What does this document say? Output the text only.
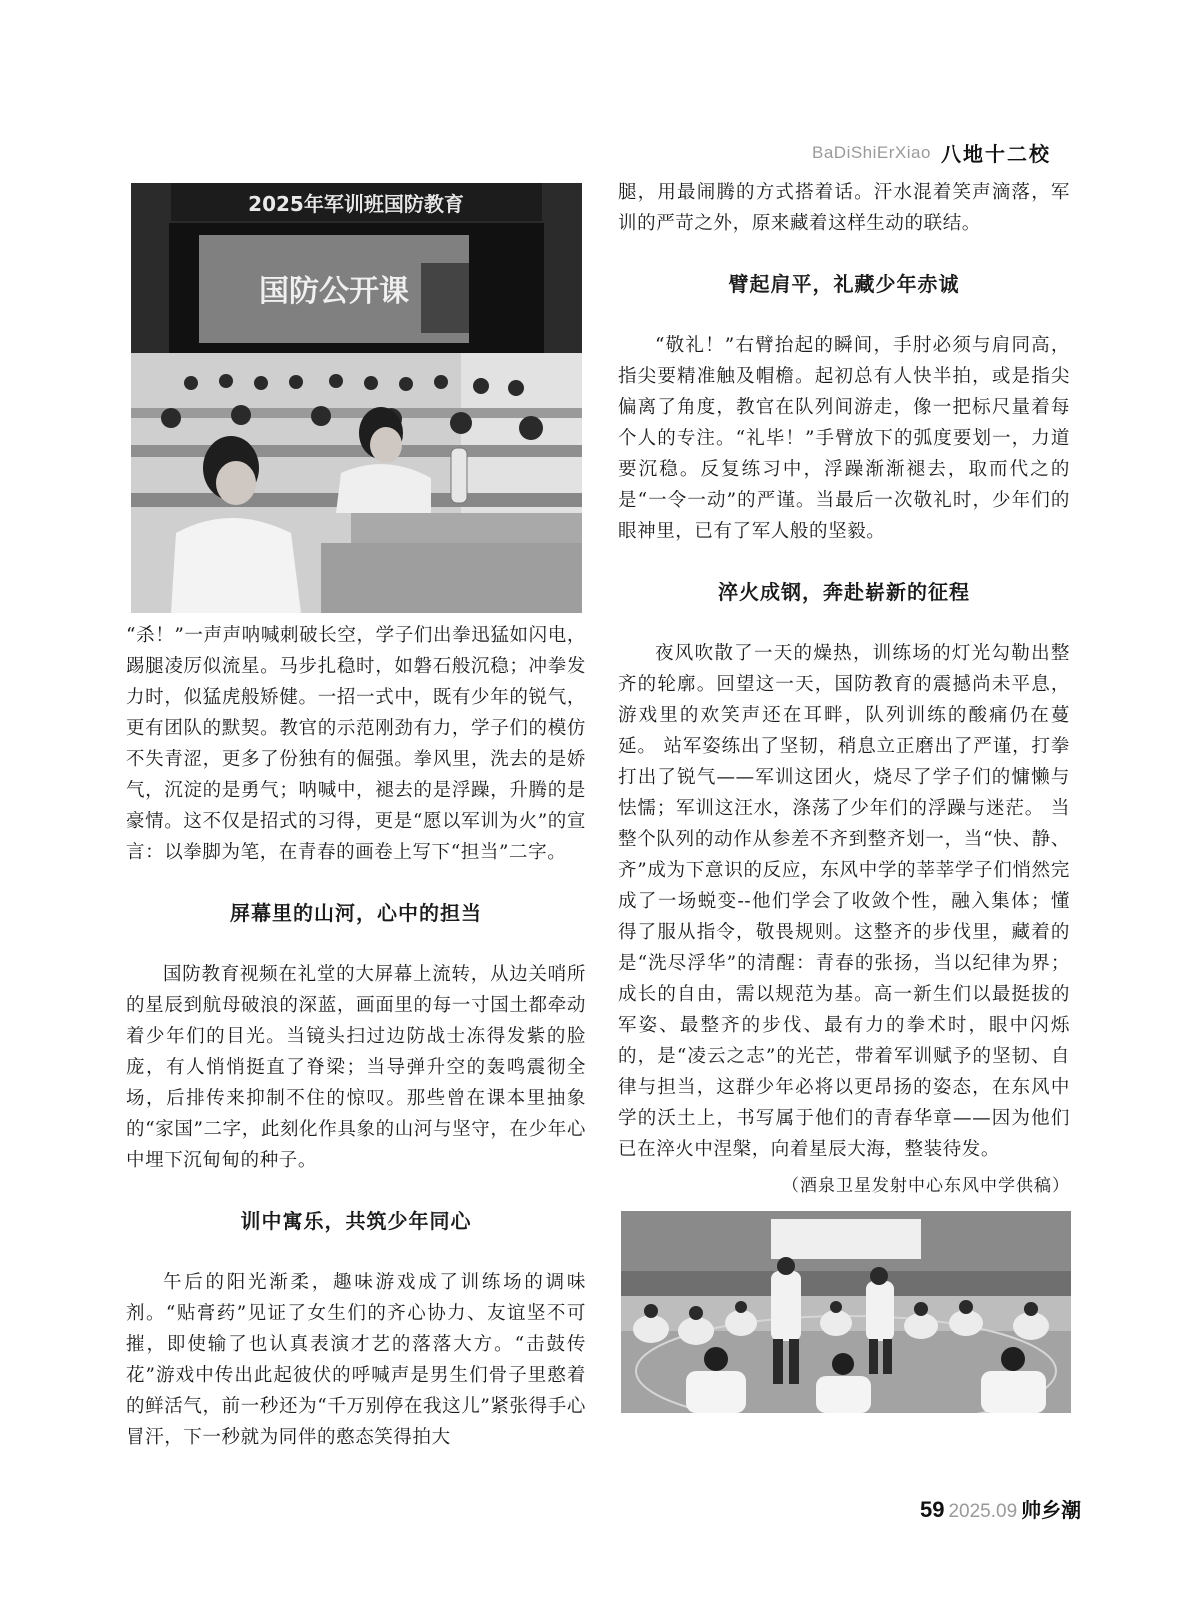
BaDiShiErXiao 八地十二校
2025年军训班国防教育
国防公开课

“杀！”一声声呐喊刺破长空，学子们出拳迅猛如闪电，踢腿凌厉似流星。马步扎稳时，如磐石般沉稳；冲拳发力时，似猛虎般矫健。一招一式中，既有少年的锐气，更有团队的默契。教官的示范刚劲有力，学子们的模仿不失青涩，更多了份独有的倔强。拳风里，洗去的是娇气，沉淀的是勇气；呐喊中，褪去的是浮躁，升腾的是豪情。这不仅是招式的习得，更是“愿以军训为火”的宣言：以拳脚为笔，在青春的画卷上写下“担当”二字。

屏幕里的山河，心中的担当

国防教育视频在礼堂的大屏幕上流转，从边关哨所的星辰到航母破浪的深蓝，画面里的每一寸国土都牵动着少年们的目光。当镜头扫过边防战士冻得发紫的脸庞，有人悄悄挺直了脊梁；当导弹升空的轰鸣震彻全场，后排传来抑制不住的惊叹。那些曾在课本里抽象的“家国”二字，此刻化作具象的山河与坚守，在少年心中埋下沉甸甸的种子。

训中寓乐，共筑少年同心

午后的阳光渐柔，趣味游戏成了训练场的调味剂。“贴膏药”见证了女生们的齐心协力、友谊坚不可摧，即使输了也认真表演才艺的落落大方。“击鼓传花”游戏中传出此起彼伏的呼喊声是男生们骨子里憨着的鲜活气，前一秒还为“千万别停在我这儿”紧张得手心冒汗，下一秒就为同伴的憨态笑得拍大

腿，用最闹腾的方式搭着话。汗水混着笑声滴落，军训的严苛之外，原来藏着这样生动的联结。

臂起肩平，礼藏少年赤诚

“敬礼！”右臂抬起的瞬间，手肘必须与肩同高，指尖要精准触及帽檐。起初总有人快半拍，或是指尖偏离了角度，教官在队列间游走，像一把标尺量着每个人的专注。“礼毕！”手臂放下的弧度要划一，力道要沉稳。反复练习中，浮躁渐渐褪去，取而代之的是“一令一动”的严谨。当最后一次敬礼时，少年们的眼神里，已有了军人般的坚毅。

淬火成钢，奔赴崭新的征程

夜风吹散了一天的燥热，训练场的灯光勾勒出整齐的轮廓。回望这一天，国防教育的震撼尚未平息，游戏里的欢笑声还在耳畔，队列训练的酸痛仍在蔓延。 站军姿练出了坚韧，稍息立正磨出了严谨，打拳打出了锐气——军训这团火，烧尽了学子们的慵懒与怯懦；军训这汪水，涤荡了少年们的浮躁与迷茫。 当整个队列的动作从参差不齐到整齐划一，当“快、静、齐”成为下意识的反应，东风中学的莘莘学子们悄然完成了一场蜕变--他们学会了收敛个性，融入集体；懂得了服从指令，敬畏规则。这整齐的步伐里，藏着的是“洗尽浮华”的清醒：青春的张扬，当以纪律为界；成长的自由，需以规范为基。高一新生们以最挺拔的军姿、最整齐的步伐、最有力的拳术时，眼中闪烁的，是“凌云之志”的光芒，带着军训赋予的坚韧、自律与担当，这群少年必将以更昂扬的姿态，在东风中学的沃土上，书写属于他们的青春华章——因为他们已在淬火中涅槃，向着星辰大海，整装待发。

（酒泉卫星发射中心东风中学供稿）
59 2025.09 帅乡潮
